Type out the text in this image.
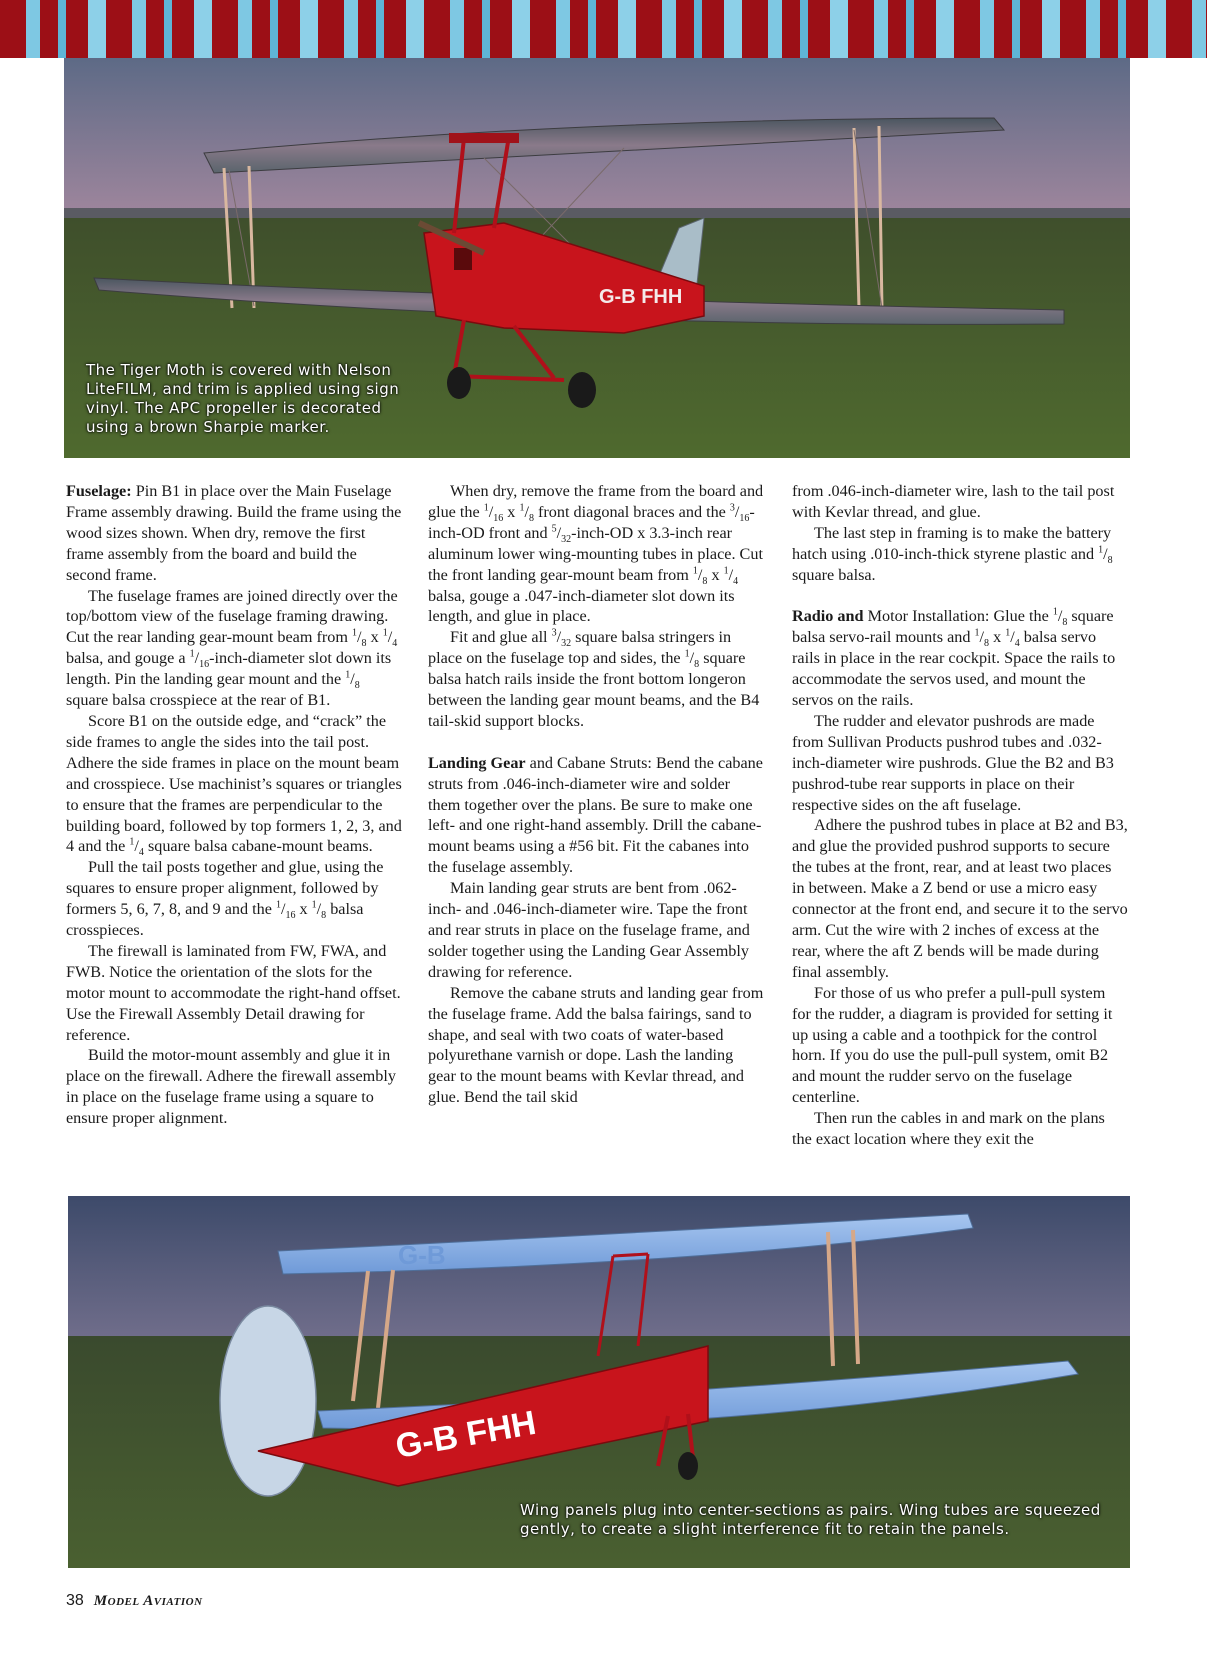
G-B FHH

The Tiger Moth is covered with Nelson LiteFILM, and trim is applied using sign vinyl. The APC propeller is decorated using a brown Sharpie marker.

Fuselage: Pin B1 in place over the Main Fuselage Frame assembly drawing. Build the frame using the wood sizes shown. When dry, remove the first frame assembly from the board and build the second frame.

The fuselage frames are joined directly over the top/bottom view of the fuselage framing drawing. Cut the rear landing gear-mount beam from $^1/_8$ x $^1/_4$ balsa, and gouge a $^1/_{16}-inch$-diameter slot down its length. Pin the landing gear mount and the $^1/_8$ square balsa crosspiece at the rear of B1.

Score B1 on the outside edge, and “crack” the side frames to angle the sides into the tail post. Adhere the side frames in place on the mount beam and crosspiece. Use machinist’s squares or triangles to ensure that the frames are perpendicular to the building board, followed by top formers 1, 2, 3, and 4 and the $^1/_4$ square balsa cabane-mount beams.

Pull the tail posts together and glue, using the squares to ensure proper alignment, followed by formers 5, 6, 7, 8, and 9 and the $^1/_{16}$ x $^1/_8$ balsa crosspieces.

The firewall is laminated from FW, FWA, and FWB. Notice the orientation of the slots for the motor mount to accommodate the right-hand offset. Use the Firewall Assembly Detail drawing for reference.

Build the motor-mount assembly and glue it in place on the firewall. Adhere the firewall assembly in place on the fuselage frame using a square to ensure proper alignment.

When dry, remove the frame from the board and glue the $^1/_{16}$ x $^1/_8$ front diagonal braces and the $^3/_{16}-inch-OD$ front and $^5/_{32}-inch-OD$ x 3.3-inch rear aluminum lower wing-mounting tubes in place. Cut the front landing gear-mount beam from $^1/_8$ x $^1/_4$ balsa, gouge a .047-inch-diameter slot down its length, and glue in place.

Fit and glue all $^3/_{32}$ square balsa stringers in place on the fuselage top and sides, the $^1/_8$ square balsa hatch rails inside the front bottom longeron between the landing gear mount beams, and the B4 tail-skid support blocks.

Landing Gear and Cabane Struts: Bend the cabane struts from .046-inch-diameter wire and solder them together over the plans. Be sure to make one left- and one right-hand assembly. Drill the cabane-mount beams using a #56 bit. Fit the cabanes into the fuselage assembly.

Main landing gear struts are bent from .062-inch- and .046-inch-diameter wire. Tape the front and rear struts in place on the fuselage frame, and solder together using the Landing Gear Assembly drawing for reference.

Remove the cabane struts and landing gear from the fuselage frame. Add the balsa fairings, sand to shape, and seal with two coats of water-based polyurethane varnish or dope. Lash the landing gear to the mount beams with Kevlar thread, and glue. Bend the tail skid

from .046-inch-diameter wire, lash to the tail post with Kevlar thread, and glue.

The last step in framing is to make the battery hatch using .010-inch-thick styrene plastic and $^1/_8$ square balsa.

Radio and Motor Installation: Glue the $^1/_8$ square balsa servo-rail mounts and $^1/_8$ x $^1/_4$ balsa servo rails in place in the rear cockpit. Space the rails to accommodate the servos used, and mount the servos on the rails.

The rudder and elevator pushrods are made from Sullivan Products pushrod tubes and .032-inch-diameter wire pushrods. Glue the B2 and B3 pushrod-tube rear supports in place on their respective sides on the aft fuselage.

Adhere the pushrod tubes in place at B2 and B3, and glue the provided pushrod supports to secure the tubes at the front, rear, and at least two places in between. Make a Z bend or use a micro easy connector at the front end, and secure it to the servo arm. Cut the wire with 2 inches of excess at the rear, where the aft Z bends will be made during final assembly.

For those of us who prefer a pull-pull system for the rudder, a diagram is provided for setting it up using a cable and a toothpick for the control horn. If you do use the pull-pull system, omit B2 and mount the rudder servo on the fuselage centerline.

Then run the cables in and mark on the plans the exact location where they exit the

G-B
G-B FHH

Wing panels plug into center-sections as pairs. Wing tubes are squeezed gently, to create a slight interference fit to retain the panels.

38 Model Aviation
